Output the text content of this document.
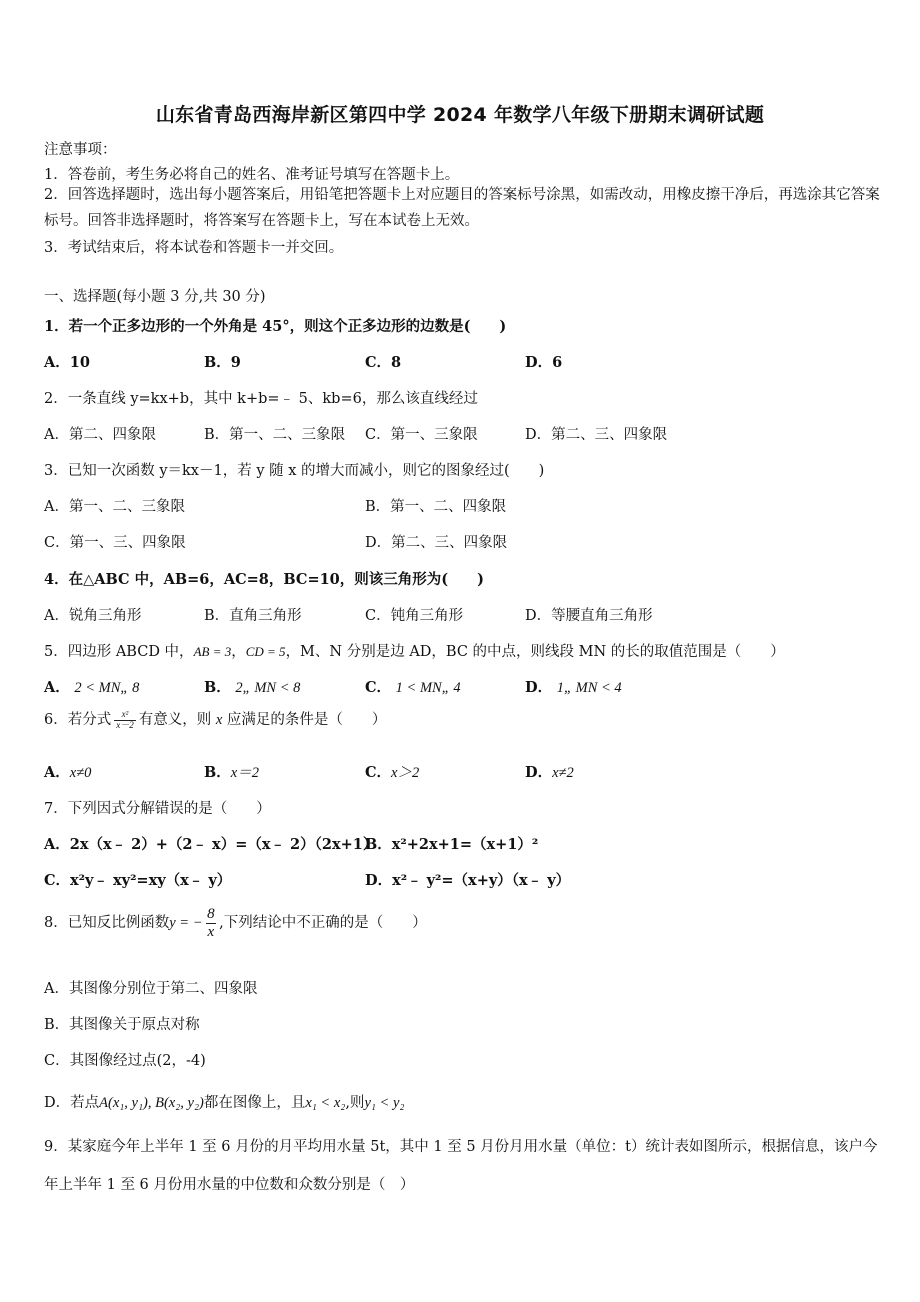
山东省青岛西海岸新区第四中学 2024 年数学八年级下册期末调研试题
注意事项：
1．答卷前，考生务必将自己的姓名、准考证号填写在答题卡上。
2．回答选择题时，选出每小题答案后，用铅笔把答题卡上对应题目的答案标号涂黑，如需改动，用橡皮擦干净后，再选涂其它答案标号。回答非选择题时，将答案写在答题卡上，写在本试卷上无效。
3．考试结束后，将本试卷和答题卡一并交回。
一、选择题(每小题 3 分,共 30 分)
1．若一个正多边形的一个外角是 45°，则这个正多边形的边数是(　　)
A．10	B．9	C．8	D．6
2．一条直线 y=kx+b，其中 k+b=﹣ 5、kb=6，那么该直线经过
A．第二、四象限	B．第一、二、三象限 C．第一、三象限	D．第二、三、四象限
3．已知一次函数 y＝kx－1，若 y 随 x 的增大而减小，则它的图象经过(　　)
A．第一、二、三象限	B．第一、二、四象限
C．第一、三、四象限	D．第二、三、四象限
4．在△ABC 中，AB=6，AC=8，BC=10，则该三角形为(　　)
A．锐角三角形	B．直角三角形	C．钝角三角形	D．等腰直角三角形
5．四边形 ABCD 中，AB = 3，CD = 5，M、N 分别是边 AD，BC 的中点，则线段 MN 的长的取值范围是（　　）
A． 2 < MN„ 8	B． 2„ MN < 8	C． 1 < MN„ 4	D． 1„ MN < 4
6．若分式 $\frac{\text{x²}}{x-2}$ 有意义，则 x 应满足的条件是（　　）
A．x≠0	B．x＝2	C．x＞2	D．x≠2
7．下列因式分解错误的是（　　）
A．2x（x﹣ 2）+（2﹣ x）=（x﹣ 2）（2x+1）
B．x²+2x+1=（x+1）²
C．x²y﹣ xy²=xy（x﹣ y）	D．x²﹣ y²=（x+y）（x﹣ y）
8．已知反比例函数y = − $\frac{8}{x}$ ,下列结论中不正确的是（　　）
A．其图像分别位于第二、四象限
B．其图像关于原点对称
C．其图像经过点(2，-4)
D．若点A(x₁, y₁), B(x₂, y₂)都在图像上，且x₁ < x₂,则y₁ < y₂
9．某家庭今年上半年 1 至 6 月份的月平均用水量 5t，其中 1 至 5 月份月用水量（单位：t）统计表如图所示，根据信息，该户今年上半年 1 至 6 月份用水量的中位数和众数分别是（　）
